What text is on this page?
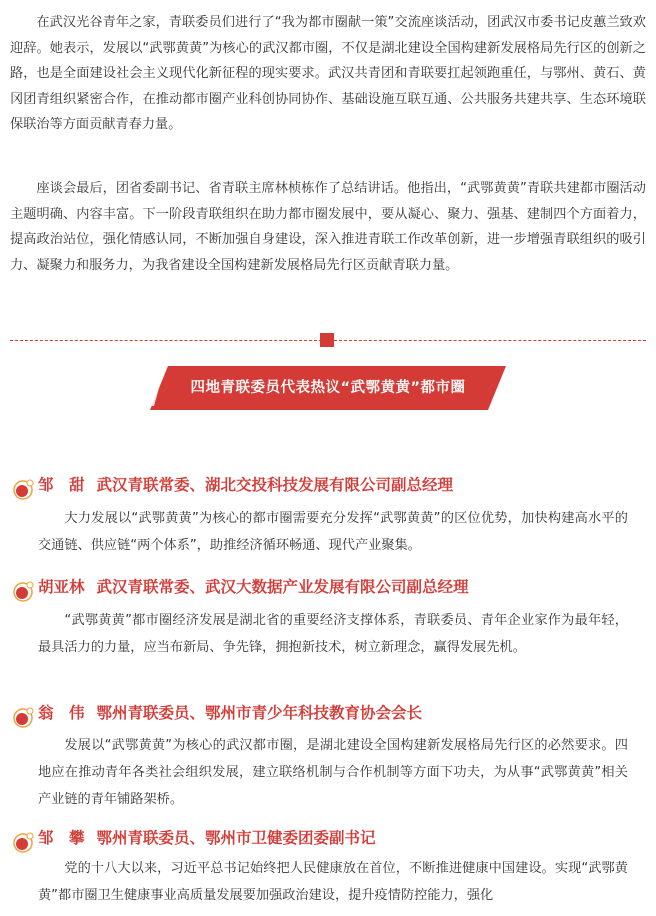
在武汉光谷青年之家，青联委员们进行了“我为都市圈献一策”交流座谈活动，团武汉市委书记皮蕙兰致欢迎辞。她表示，发展以“武鄂黄黄”为核心的武汉都市圈，不仅是湖北建设全国构建新发展格局先行区的创新之路，也是全面建设社会主义现代化新征程的现实要求。武汉共青团和青联要扛起领跑重任，与鄂州、黄石、黄冈团青组织紧密合作，在推动都市圈产业科创协同协作、基础设施互联互通、公共服务共建共享、生态环境联保联治等方面贡献青春力量。

座谈会最后，团省委副书记、省青联主席林桢栋作了总结讲话。他指出，“武鄂黄黄”青联共建都市圈活动主题明确、内容丰富。下一阶段青联组织在助力都市圈发展中，要从凝心、聚力、强基、建制四个方面着力，提高政治站位，强化情感认同，不断加强自身建设，深入推进青联工作改革创新，进一步增强青联组织的吸引力、凝聚力和服务力，为我省建设全国构建新发展格局先行区贡献青联力量。

四地青联委员代表热议“武鄂黄黄”都市圈
邹　甜 武汉青联常委、湖北交投科技发展有限公司副总经理

大力发展以“武鄂黄黄”为核心的都市圈需要充分发挥“武鄂黄黄”的区位优势，加快构建高水平的交通链、供应链“两个体系”，助推经济循环畅通、现代产业聚集。

胡亚林 武汉青联常委、武汉大数据产业发展有限公司副总经理

“武鄂黄黄”都市圈经济发展是湖北省的重要经济支撑体系，青联委员、青年企业家作为最年轻，最具活力的力量，应当布新局、争先锋，拥抱新技术，树立新理念，赢得发展先机。

翁　伟 鄂州青联委员、鄂州市青少年科技教育协会会长

发展以“武鄂黄黄”为核心的武汉都市圈，是湖北建设全国构建新发展格局先行区的必然要求。四地应在推动青年各类社会组织发展，建立联络机制与合作机制等方面下功夫，为从事“武鄂黄黄”相关产业链的青年铺路架桥。

邹　攀 鄂州青联委员、鄂州市卫健委团委副书记

党的十八大以来，习近平总书记始终把人民健康放在首位，不断推进健康中国建设。实现“武鄂黄黄”都市圈卫生健康事业高质量发展要加强政治建设，提升疫情防控能力，强化
